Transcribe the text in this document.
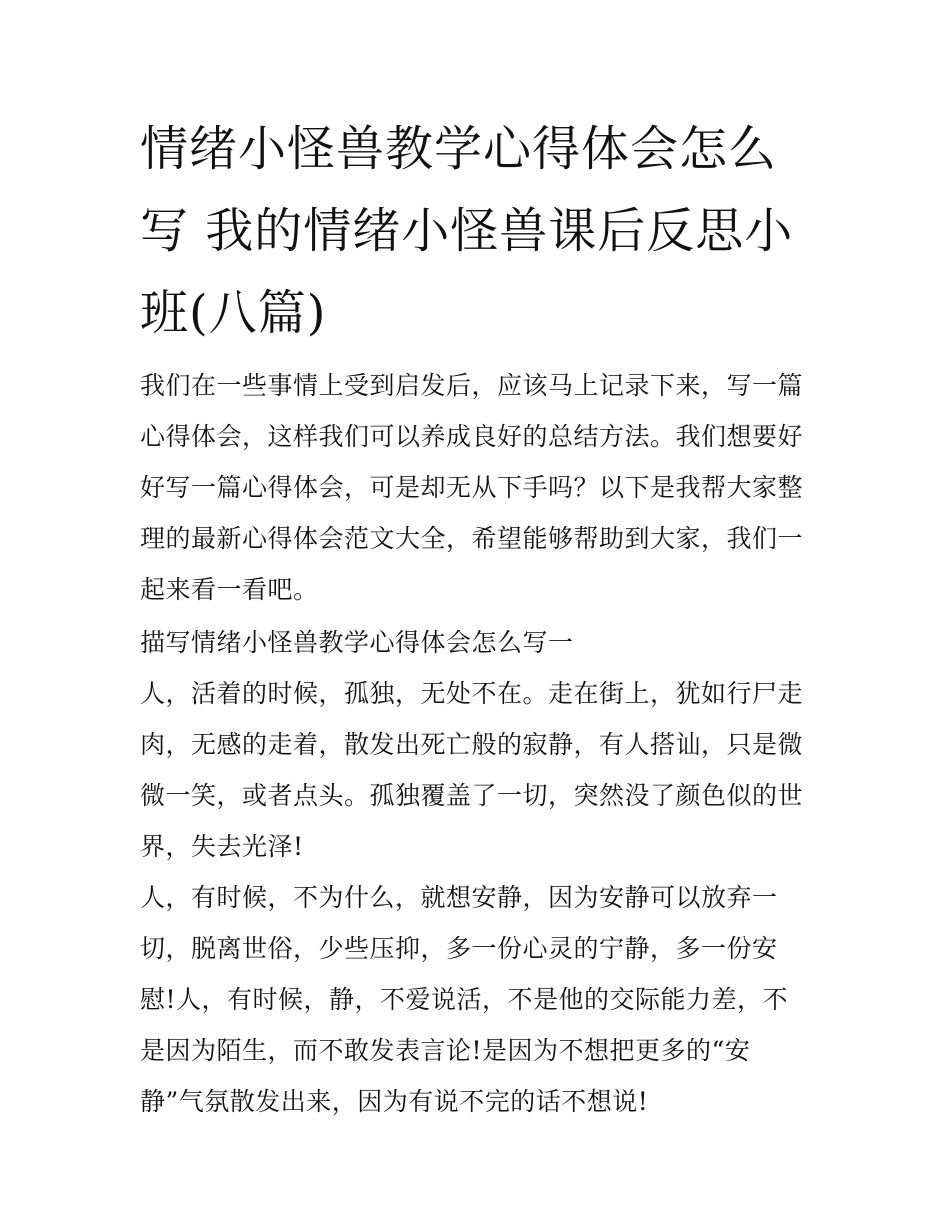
情绪小怪兽教学心得体会怎么写 我的情绪小怪兽课后反思小班(八篇)

我们在一些事情上受到启发后，应该马上记录下来，写一篇心得体会，这样我们可以养成良好的总结方法。我们想要好好写一篇心得体会，可是却无从下手吗？以下是我帮大家整理的最新心得体会范文大全，希望能够帮助到大家，我们一起来看一看吧。

描写情绪小怪兽教学心得体会怎么写一

人，活着的时候，孤独，无处不在。走在街上，犹如行尸走肉，无感的走着，散发出死亡般的寂静，有人搭讪，只是微微一笑，或者点头。孤独覆盖了一切，突然没了颜色似的世界，失去光泽!

人，有时候，不为什么，就想安静，因为安静可以放弃一切，脱离世俗，少些压抑，多一份心灵的宁静，多一份安慰!人，有时候，静，不爱说活，不是他的交际能力差，不是因为陌生，而不敢发表言论!是因为不想把更多的“安静”气氛散发出来，因为有说不完的话不想说!
